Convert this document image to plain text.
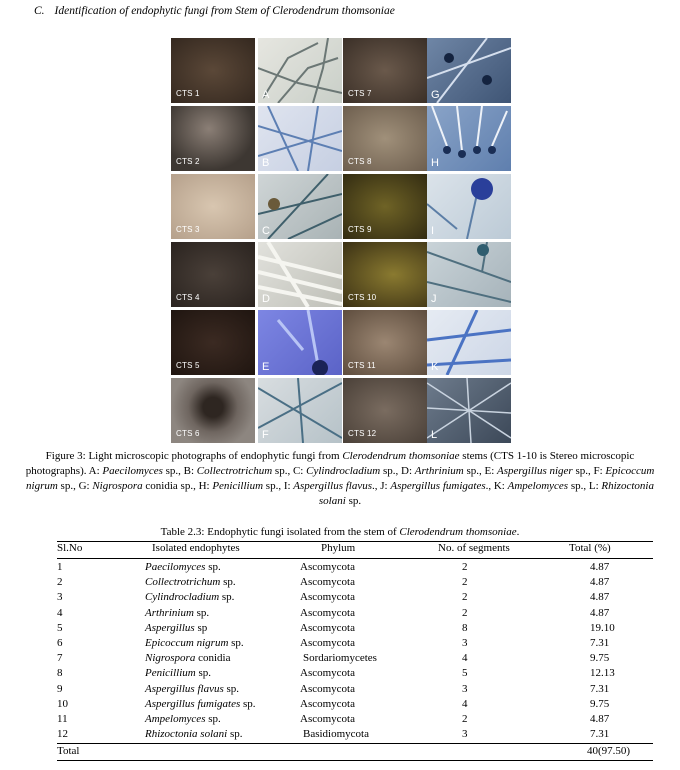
C. Identification of endophytic fungi from Stem of Clerodendrum thomsoniae
CTS 1
CTS 2
CTS 3
CTS 4
CTS 5
CTS 6
A
B
C
D
E
F
CTS 7
CTS 8
CTS 9
CTS 10
CTS 11
CTS 12
G
H
I
J
K
L
Figure 3: Light microscopic photographs of endophytic fungi from Clerodendrum thomsoniae stems (CTS 1-10 is Stereo microscopic photographs). A: Paecilomyces sp., B: Collectrotrichum sp., C: Cylindrocladium sp., D: Arthrinium sp., E: Aspergillus niger sp., F: Epicoccum nigrum sp., G: Nigrospora conidia sp., H: Penicillium sp., I: Aspergillus flavus., J: Aspergillus fumigates., K: Ampelomyces sp., L: Rhizoctonia solani sp.
Table 2.3: Endophytic fungi isolated from the stem of Clerodendrum thomsoniae.
Sl.No	Isolated endophytes	Phylum	No. of segments	Total (%)
1	Paecilomyces sp.	Ascomycota	2	4.87
2	Collectrotrichum sp.	Ascomycota	2	4.87
3	Cylindrocladium sp.	Ascomycota	2	4.87
4	Arthrinium sp.	Ascomycota	2	4.87
5	Aspergillus sp	Ascomycota	8	19.10
6	Epicoccum nigrum sp.	Ascomycota	3	7.31
7	Nigrospora conidia	Sordariomycetes	4	9.75
8	Penicillium sp.	Ascomycota	5	12.13
9	Aspergillus flavus sp.	Ascomycota	3	7.31
10	Aspergillus fumigates sp.	Ascomycota	4	9.75
11	Ampelomyces sp.	Ascomycota	2	4.87
12	Rhizoctonia solani sp.	Basidiomycota	3	7.31
Total	40(97.50)
